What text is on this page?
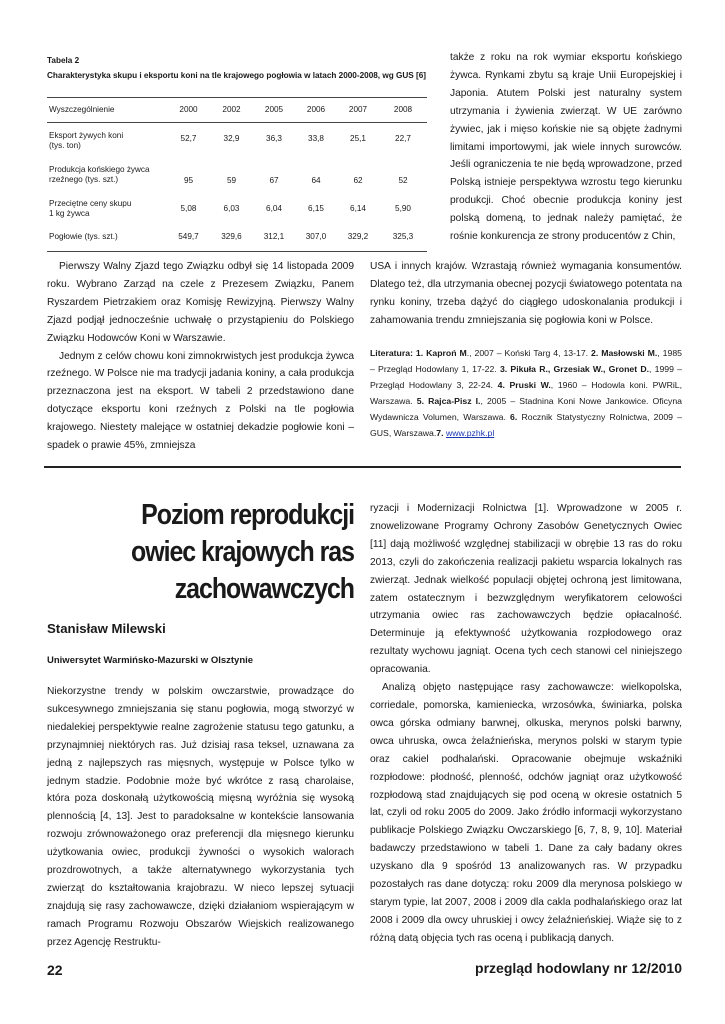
Tabela 2
Charakterystyka skupu i eksportu koni na tle krajowego pogłowia w latach 2000-2008, wg GUS [6]
Wyszczególnienie	2000	2002	2005	2006	2007	2008

Eksport żywych koni
(tys. ton)	52,7	32,9	36,3	33,8	25,1	22,7

Produkcja końskiego żywca
rzeźnego (tys. szt.)	95	59	67	64	62	52

Przeciętne ceny skupu
1 kg żywca	5,08	6,03	6,04	6,15	6,14	5,90

Pogłowie (tys. szt.)	549,7	329,6	312,1	307,0	329,2	325,3

także z roku na rok wymiar eksportu końskiego żywca. Rynkami zbytu są kraje Unii Europejskiej i Japonia. Atutem Polski jest naturalny system utrzymania i żywienia zwierząt. W UE zarówno żywiec, jak i mięso końskie nie są objęte żadnymi limitami importowymi, jak wiele innych surowców. Jeśli ograniczenia te nie będą wprowadzone, przed Polską istnieje perspektywa wzrostu tego kierunku produkcji. Choć obecnie produkcja koniny jest polską domeną, to jednak należy pamiętać, że rośnie konkurencja ze strony producentów z Chin,

Pierwszy Walny Zjazd tego Związku odbył się 14 listopada 2009 roku. Wybrano Zarząd na czele z Prezesem Związku, Panem Ryszardem Pietrzakiem oraz Komisję Rewizyjną. Pierwszy Walny Zjazd podjął jednocześnie uchwałę o przystąpieniu do Polskiego Związku Hodowców Koni w Warszawie.

Jednym z celów chowu koni zimnokrwistych jest produkcja żywca rzeźnego. W Polsce nie ma tradycji jadania koniny, a cała produkcja przeznaczona jest na eksport. W tabeli 2 przedstawiono dane dotyczące eksportu koni rzeźnych z Polski na tle pogłowia krajowego. Niestety malejące w ostatniej dekadzie pogłowie koni – spadek o prawie 45%, zmniejsza

USA i innych krajów. Wzrastają również wymagania konsumentów. Dlatego też, dla utrzymania obecnej pozycji światowego potentata na rynku koniny, trzeba dążyć do ciągłego udoskonalania produkcji i zahamowania trendu zmniejszania się pogłowia koni w Polsce.

Literatura: 1. Kaproń M., 2007 – Koński Targ 4, 13-17. 2. Masłowski M., 1985 – Przegląd Hodowlany 1, 17-22. 3. Pikuła R., Grzesiak W., Gronet D., 1999 – Przegląd Hodowlany 3, 22-24. 4. Pruski W., 1960 – Hodowla koni. PWRiL, Warszawa. 5. Rajca-Pisz I., 2005 – Stadnina Koni Nowe Jankowice. Oficyna Wydawnicza Volumen, Warszawa. 6. Rocznik Statystyczny Rolnictwa, 2009 – GUS, Warszawa.7. www.pzhk.pl
Poziom reprodukcji
owiec krajowych ras
zachowawczych
Stanisław Milewski
Uniwersytet Warmińsko-Mazurski w Olsztynie

Niekorzystne trendy w polskim owczarstwie, prowadzące do sukcesywnego zmniejszania się stanu pogłowia, mogą stworzyć w niedalekiej perspektywie realne zagrożenie statusu tego gatunku, a przynajmniej niektórych ras. Już dzisiaj rasa teksel, uznawana za jedną z najlepszych ras mięsnych, występuje w Polsce tylko w jednym stadzie. Podobnie może być wkrótce z rasą charolaise, która poza doskonałą użytkowością mięsną wyróżnia się wysoką plennością [4, 13]. Jest to paradoksalne w kontekście lansowania rozwoju zrównoważonego oraz preferencji dla mięsnego kierunku użytkowania owiec, produkcji żywności o wysokich walorach prozdrowotnych, a także alternatywnego wykorzystania tych zwierząt do kształtowania krajobrazu. W nieco lepszej sytuacji znajdują się rasy zachowawcze, dzięki działaniom wspierającym w ramach Programu Rozwoju Obszarów Wiejskich realizowanego przez Agencję Restruktu-

ryzacji i Modernizacji Rolnictwa [1]. Wprowadzone w 2005 r. znowelizowane Programy Ochrony Zasobów Genetycznych Owiec [11] dają możliwość względnej stabilizacji w obrębie 13 ras do roku 2013, czyli do zakończenia realizacji pakietu wsparcia lokalnych ras zwierząt. Jednak wielkość populacji objętej ochroną jest limitowana, zatem ostatecznym i bezwzględnym weryfikatorem celowości utrzymania owiec ras zachowawczych będzie opłacalność. Determinuje ją efektywność użytkowania rozpłodowego oraz rezultaty wychowu jagniąt. Ocena tych cech stanowi cel niniejszego opracowania.

Analizą objęto następujące rasy zachowawcze: wielkopolska, corriedale, pomorska, kamieniecka, wrzosówka, świniarka, polska owca górska odmiany barwnej, olkuska, merynos polski barwny, owca uhruska, owca żelaźnieńska, merynos polski w starym typie oraz cakiel podhalański. Opracowanie obejmuje wskaźniki rozpłodowe: płodność, plenność, odchów jagniąt oraz użytkowość rozpłodową stad znajdujących się pod oceną w okresie ostatnich 5 lat, czyli od roku 2005 do 2009. Jako źródło informacji wykorzystano publikacje Polskiego Związku Owczarskiego [6, 7, 8, 9, 10]. Materiał badawczy przedstawiono w tabeli 1. Dane za cały badany okres uzyskano dla 9 spośród 13 analizowanych ras. W przypadku pozostałych ras dane dotyczą: roku 2009 dla merynosa polskiego w starym typie, lat 2007, 2008 i 2009 dla cakla podhalańskiego oraz lat 2008 i 2009 dla owcy uhruskiej i owcy żelaźnieńskiej. Wiąże się to z różną datą objęcia tych ras oceną i publikacją danych.

22	przegląd hodowlany nr 12/2010
